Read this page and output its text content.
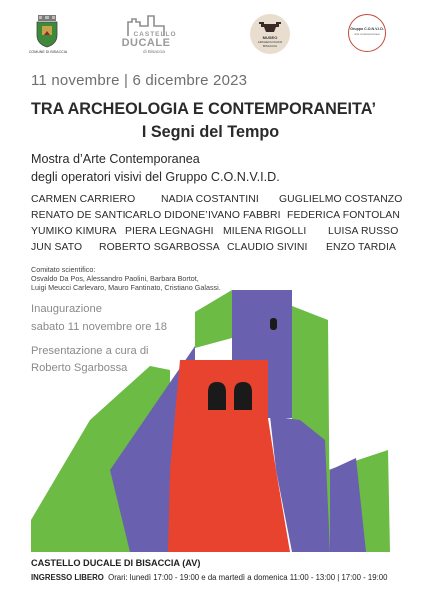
COMUNE DI BISACCIA
CASTELLO
DUCALE
di Bisaccia
MUSEO
ARCHEOLOGICO
BISACCIA
Gruppo C.O.N.V.I.D.
arte contemporanea
11 novembre | 6 dicembre 2023
TRA ARCHEOLOGIA E CONTEMPORANEITA’
I Segni del Tempo
Mostra d’Arte Contemporanea
degli operatori visivi del Gruppo C.O.N.V.I.D.
CARMEN CARRIERO NADIA COSTANTINI GUGLIELMO COSTANZO
RENATO DE SANTI CARLO DIDONE’ IVANO FABBRI FEDERICA FONTOLAN
YUMIKO KIMURA PIERA LEGNAGHI MILENA RIGOLLI LUISA RUSSO
JUN SATO ROBERTO SGARBOSSA CLAUDIO SIVINI ENZO TARDIA
Comitato scientifico:
Osvaldo Da Pos, Alessandro Paolini, Barbara Bortot,
Luigi Meucci Carlevaro, Mauro Fantinato, Cristiano Galassi.
Inaugurazione
sabato 11 novembre ore 18
Presentazione a cura di
Roberto Sgarbossa
CASTELLO DUCALE DI BISACCIA (AV)
INGRESSO LIBERO Orari: lunedì 17:00 - 19:00 e da martedì a domenica 11:00 - 13:00 | 17:00 - 19:00
